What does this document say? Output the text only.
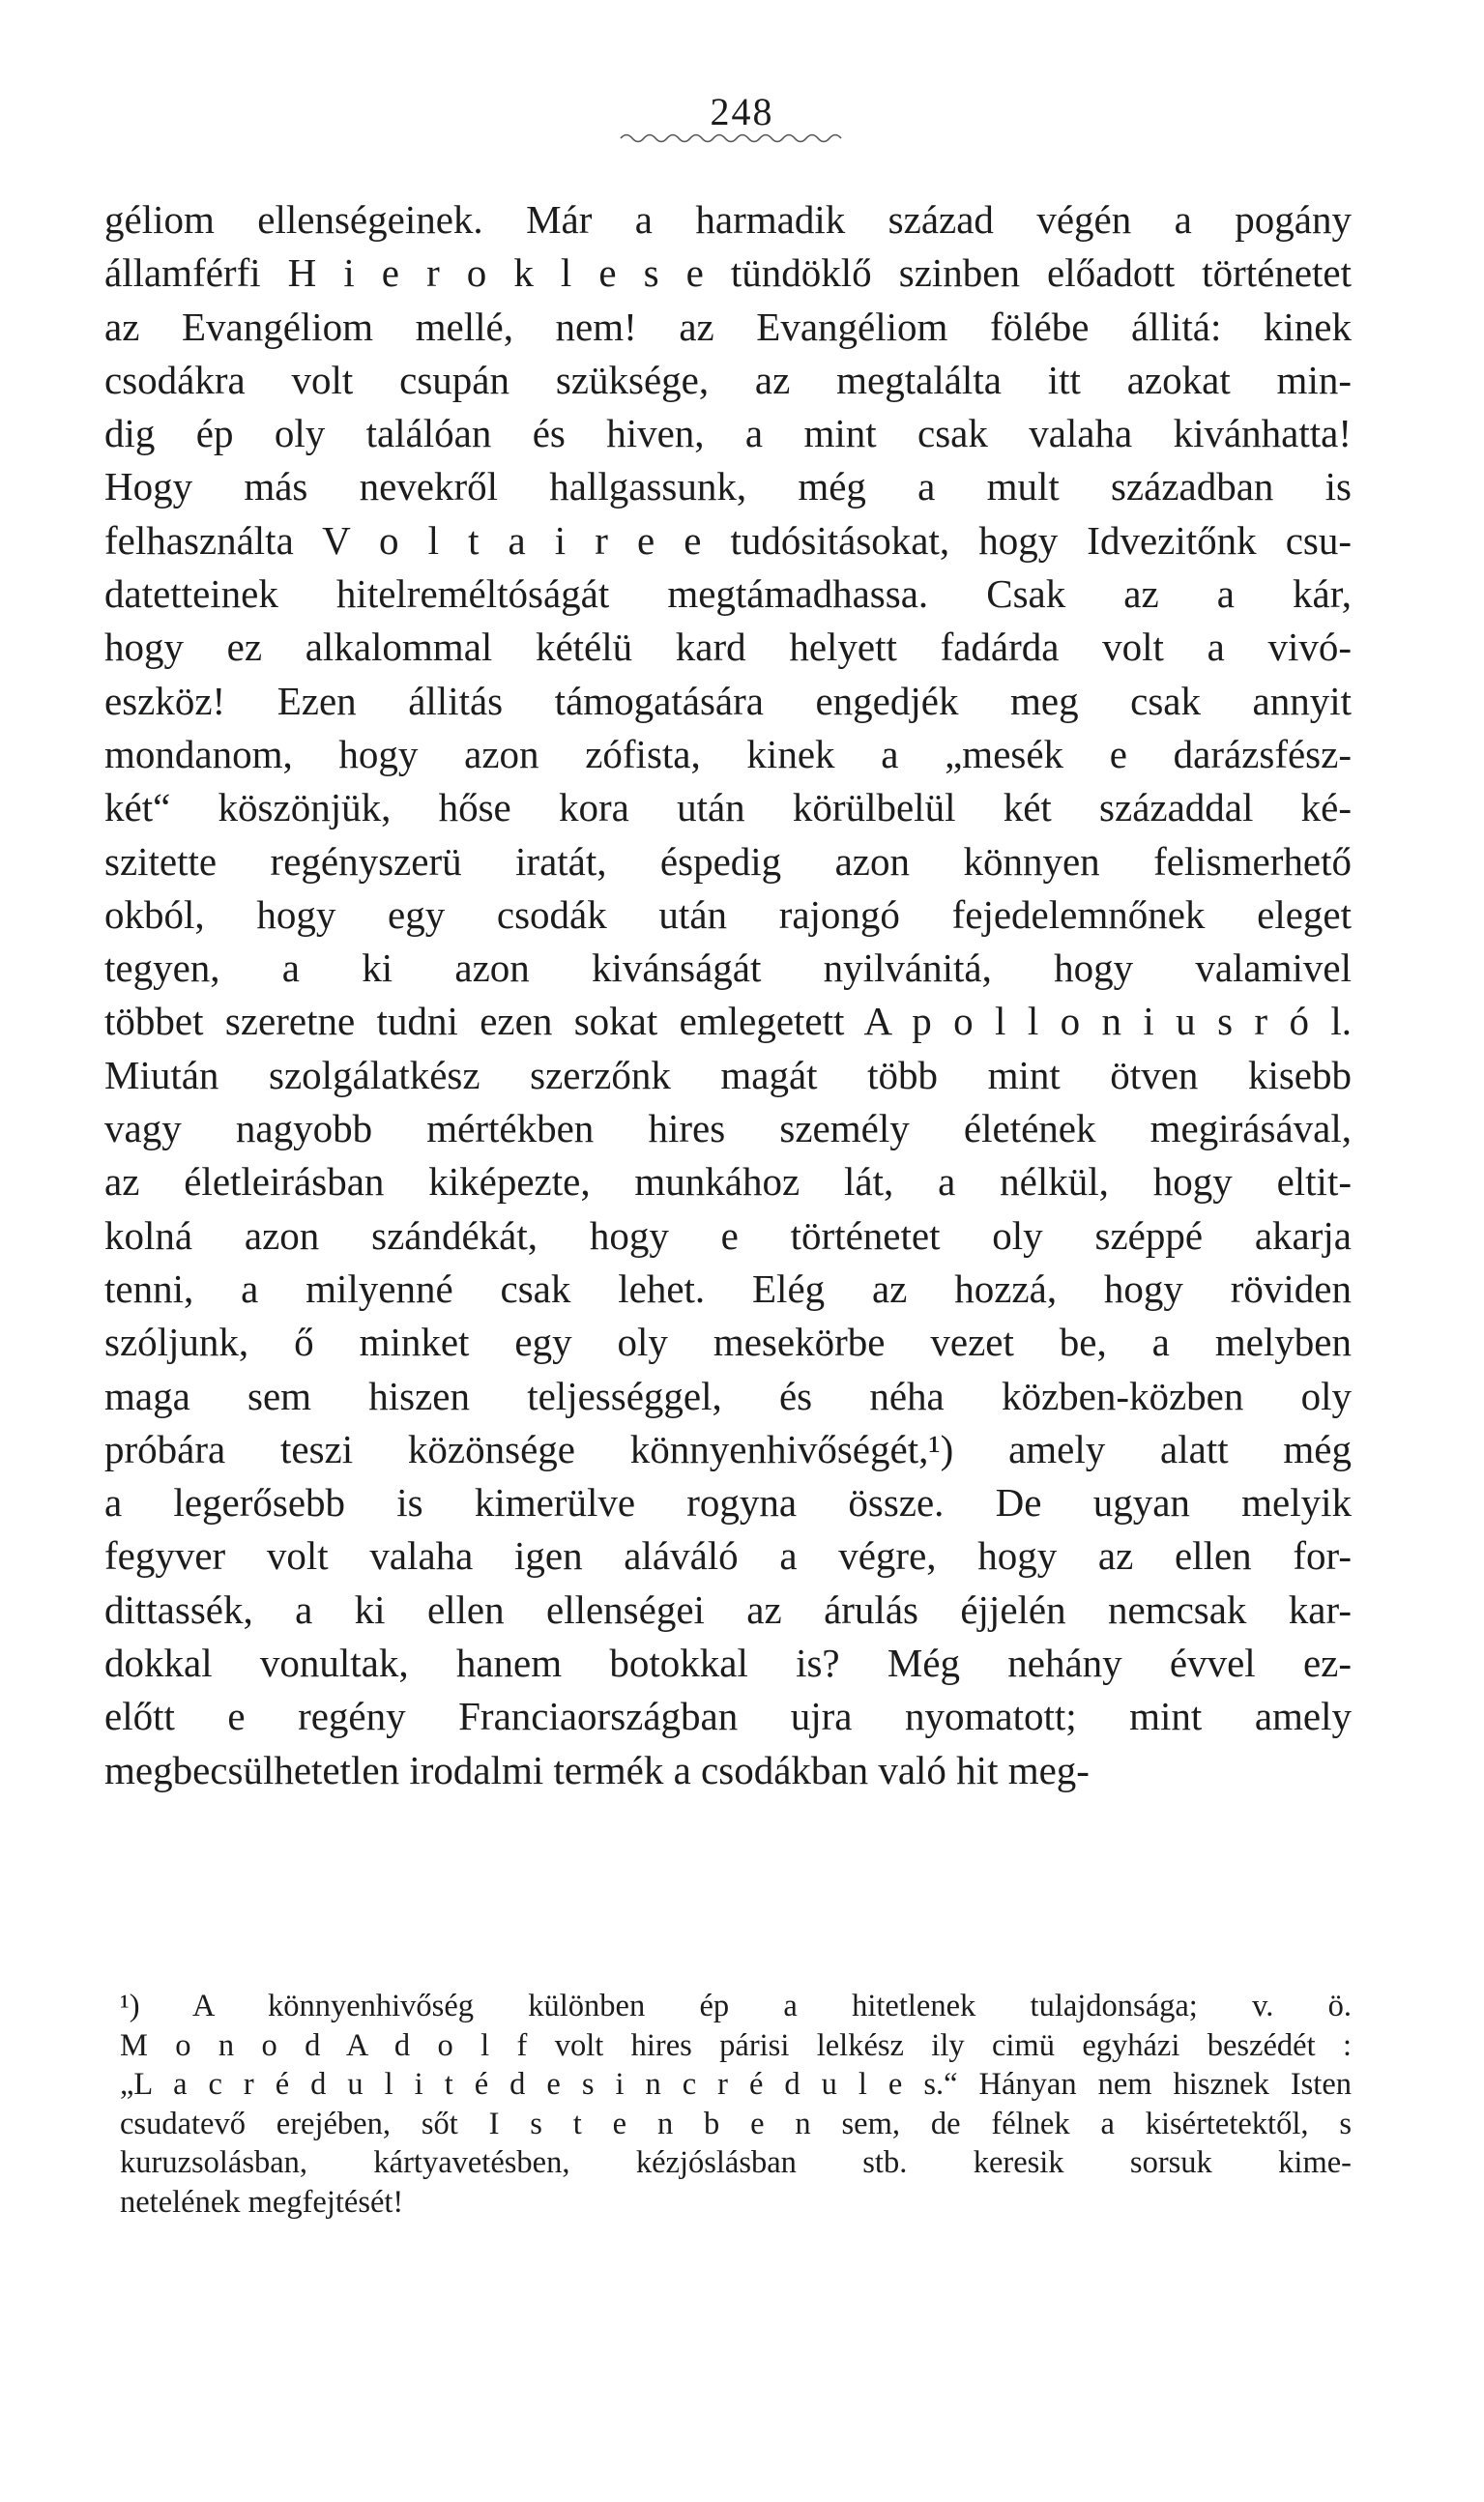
248
géliom ellenségeinek. Már a harmadik század végén a pogány
államférfi H i e r o k l e s e tündöklő szinben előadott történetet
az Evangéliom mellé, nem! az Evangéliom fölébe állitá: kinek
csodákra volt csupán szüksége, az megtalálta itt azokat min-
dig ép oly találóan és hiven, a mint csak valaha kivánhatta!
Hogy más nevekről hallgassunk, még a mult században is
felhasználta V o l t a i r e e tudósitásokat, hogy Idvezitőnk csu-
datetteinek hitelreméltóságát megtámadhassa. Csak az a kár,
hogy ez alkalommal kétélü kard helyett fadárda volt a vivó-
eszköz! Ezen állitás támogatására engedjék meg csak annyit
mondanom, hogy azon zófista, kinek a „mesék e darázsfész-
két“ köszönjük, hőse kora után körülbelül két századdal ké-
szitette regényszerü iratát, éspedig azon könnyen felismerhető
okból, hogy egy csodák után rajongó fejedelemnőnek eleget
tegyen, a ki azon kivánságát nyilvánitá, hogy valamivel
többet szeretne tudni ezen sokat emlegetett A p o l l o n i u s r ó l.
Miután szolgálatkész szerzőnk magát több mint ötven kisebb
vagy nagyobb mértékben hires személy életének megirásával,
az életleirásban kiképezte, munkához lát, a nélkül, hogy eltit-
kolná azon szándékát, hogy e történetet oly széppé akarja
tenni, a milyenné csak lehet. Elég az hozzá, hogy röviden
szóljunk, ő minket egy oly mesekörbe vezet be, a melyben
maga sem hiszen teljességgel, és néha közben-közben oly
próbára teszi közönsége könnyenhivőségét,¹) amely alatt még
a legerősebb is kimerülve rogyna össze. De ugyan melyik
fegyver volt valaha igen aláváló a végre, hogy az ellen for-
dittassék, a ki ellen ellenségei az árulás éjjelén nemcsak kar-
dokkal vonultak, hanem botokkal is? Még nehány évvel ez-
előtt e regény Franciaországban ujra nyomatott; mint amely
megbecsülhetetlen irodalmi termék a csodákban való hit meg-
¹) A könnyenhivőség különben ép a hitetlenek tulajdonsága; v. ö.
M o n o d A d o l f volt hires párisi lelkész ily cimü egyházi beszédét :
„L a c r é d u l i t é d e s i n c r é d u l e s.“ Hányan nem hisznek Isten
csudatevő erejében, sőt I s t e n b e n sem, de félnek a kisértetektől, s
kuruzsolásban, kártyavetésben, kézjóslásban stb. keresik sorsuk kime-
netelének megfejtését!
